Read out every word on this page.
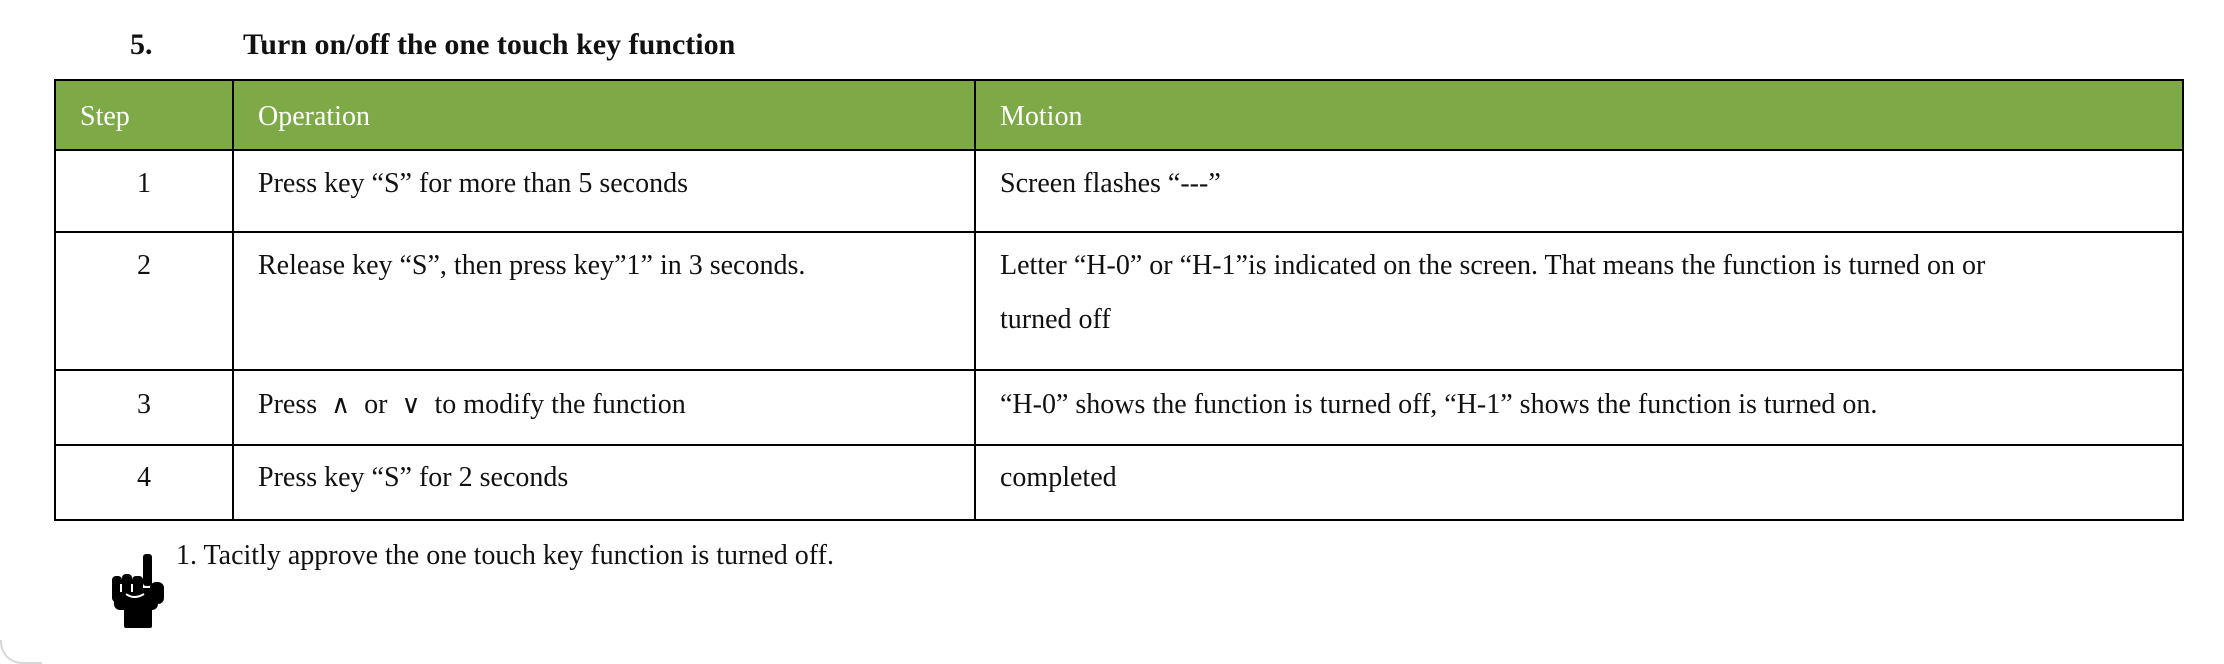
5.	Turn on/off the one touch key function
Step	Operation	Motion
1	Press key “S” for more than 5 seconds	Screen flashes “---”
2	Release key “S”, then press key”1” in 3 seconds.	Letter “H-0” or “H-1”is indicated on the screen. That means the function is turned on or
turned off

3	Press ∧ or ∨ to modify the function	“H-0” shows the function is turned off, “H-1” shows the function is turned on.
4	Press key “S” for 2 seconds	completed
1. Tacitly approve the one touch key function is turned off.
